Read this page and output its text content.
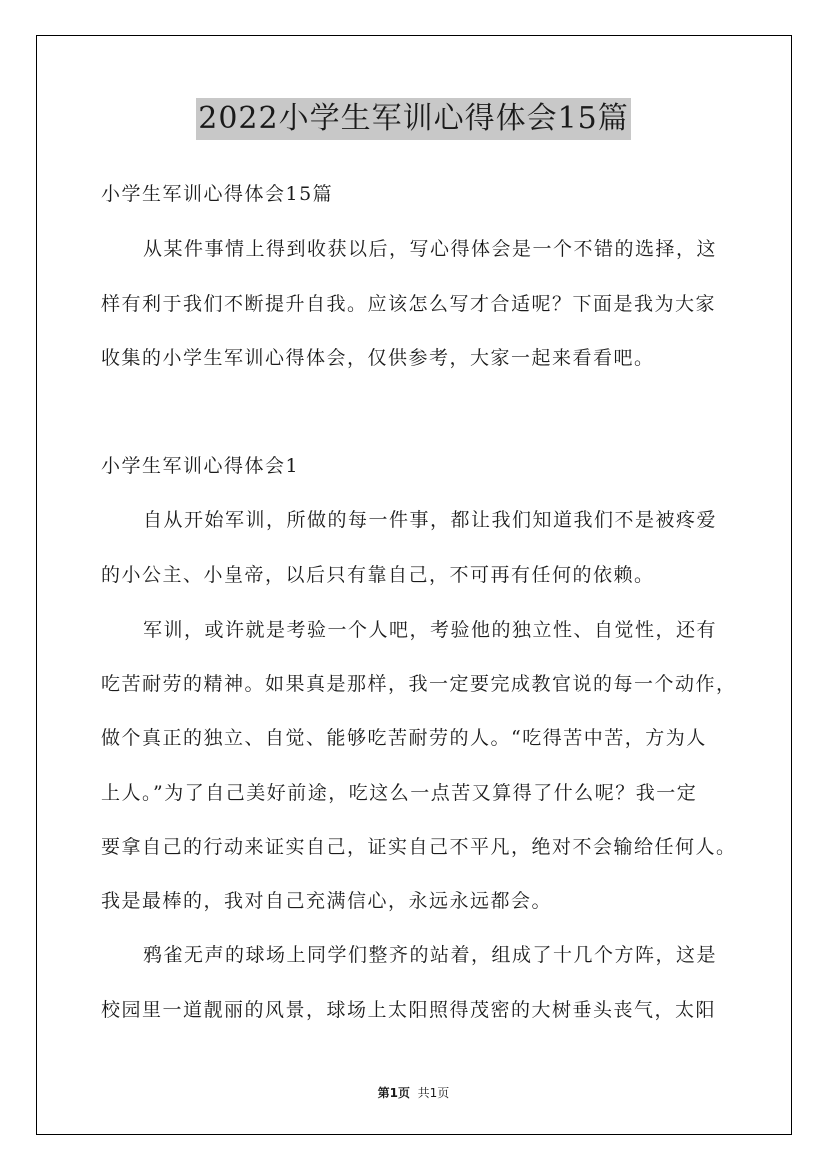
2022小学生军训心得体会15篇
小学生军训心得体会15篇
从某件事情上得到收获以后，写心得体会是一个不错的选择，这
样有利于我们不断提升自我。应该怎么写才合适呢？下面是我为大家
收集的小学生军训心得体会，仅供参考，大家一起来看看吧。
小学生军训心得体会1
自从开始军训，所做的每一件事，都让我们知道我们不是被疼爱
的小公主、小皇帝，以后只有靠自己，不可再有任何的依赖。
军训，或许就是考验一个人吧，考验他的独立性、自觉性，还有
吃苦耐劳的精神。如果真是那样，我一定要完成教官说的每一个动作，
做个真正的独立、自觉、能够吃苦耐劳的人。“吃得苦中苦，方为人
上人。”为了自己美好前途，吃这么一点苦又算得了什么呢？我一定
要拿自己的行动来证实自己，证实自己不平凡，绝对不会输给任何人。
我是最棒的，我对自己充满信心，永远永远都会。
鸦雀无声的球场上同学们整齐的站着，组成了十几个方阵，这是
校园里一道靓丽的风景，球场上太阳照得茂密的大树垂头丧气，太阳
第1页 共1页
